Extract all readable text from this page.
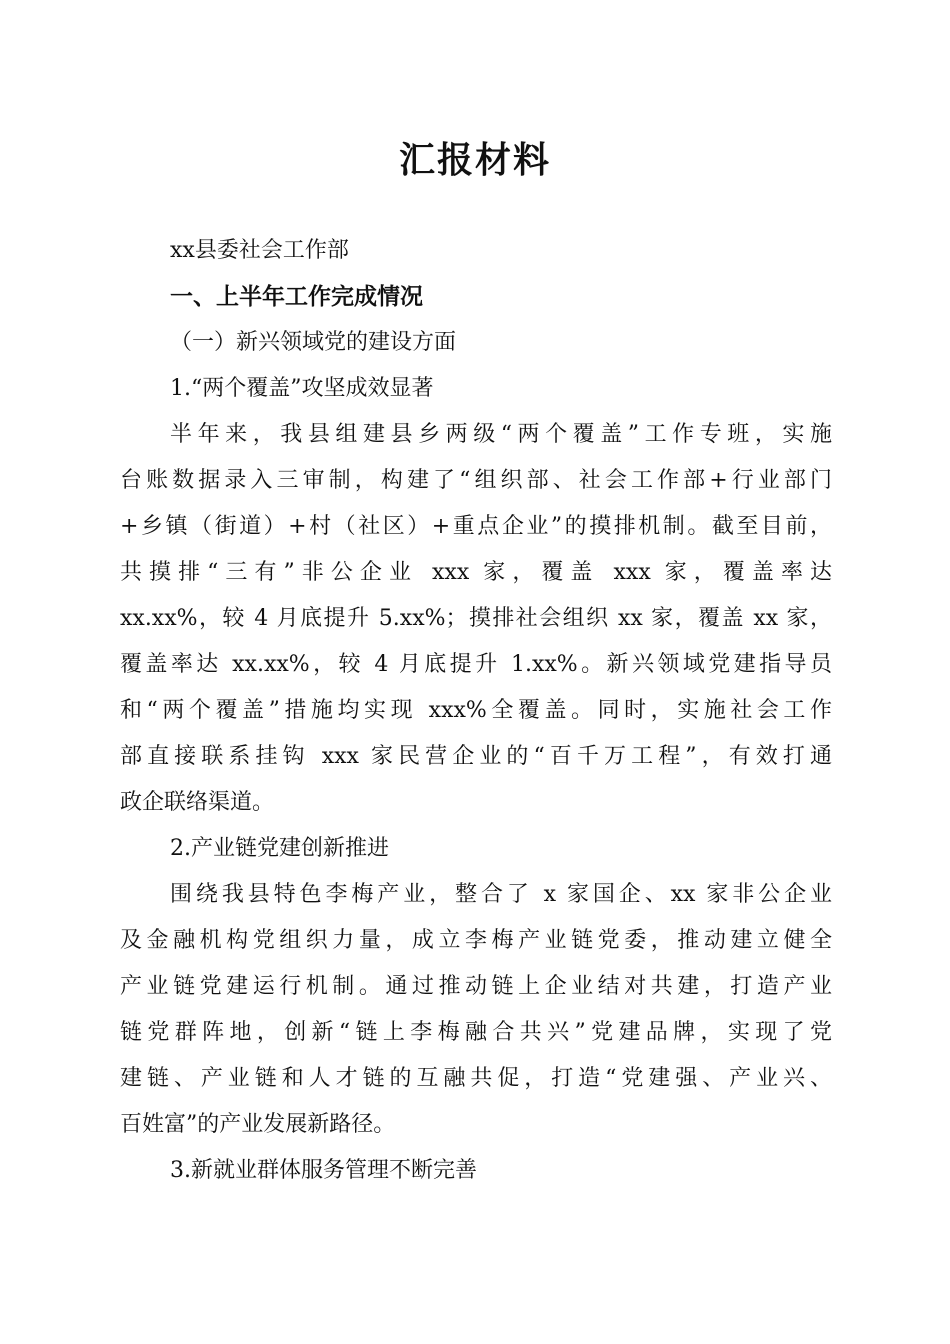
汇报材料
xx县委社会工作部
一、上半年工作完成情况
（一）新兴领域党的建设方面
1.“两个覆盖”攻坚成效显著
半年来，我县组建县乡两级“两个覆盖”工作专班，实施
台账数据录入三审制，构建了“组织部、社会工作部+行业部门
+乡镇（街道）+村（社区）+重点企业”的摸排机制。截至目前，
共摸排“三有”非公企业 xxx 家，覆盖 xxx 家，覆盖率达
xx.xx%，较 4 月底提升 5.xx%；摸排社会组织 xx 家，覆盖 xx 家，
覆盖率达 xx.xx%，较 4 月底提升 1.xx%。新兴领域党建指导员
和“两个覆盖”措施均实现 xxx%全覆盖。同时，实施社会工作
部直接联系挂钩 xxx 家民营企业的“百千万工程”，有效打通
政企联络渠道。
2.产业链党建创新推进
围绕我县特色李梅产业，整合了 x 家国企、xx 家非公企业
及金融机构党组织力量，成立李梅产业链党委，推动建立健全
产业链党建运行机制。通过推动链上企业结对共建，打造产业
链党群阵地，创新“链上李梅融合共兴”党建品牌，实现了党
建链、产业链和人才链的互融共促，打造“党建强、产业兴、
百姓富”的产业发展新路径。
3.新就业群体服务管理不断完善
